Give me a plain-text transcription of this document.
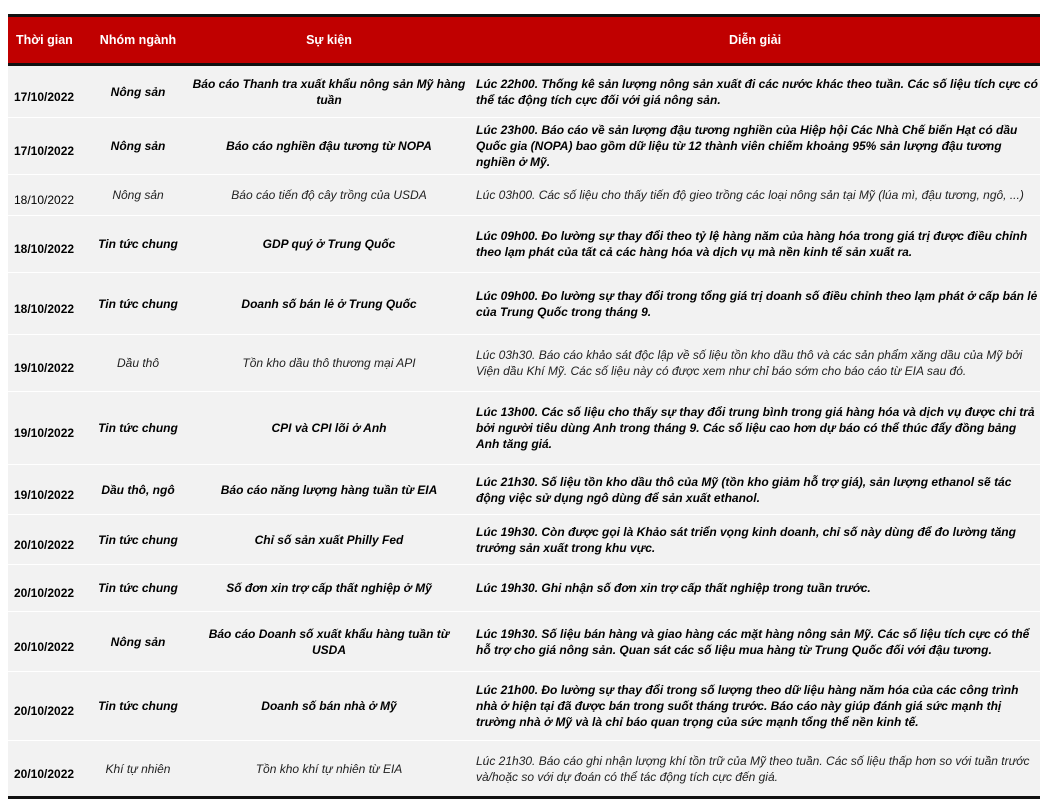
Thời gian	Nhóm ngành	Sự kiện	Diễn giải
17/10/2022	Nông sản	Báo cáo Thanh tra xuất khẩu nông sản Mỹ hàng tuần	Lúc 22h00. Thống kê sản lượng nông sản xuất đi các nước khác theo tuần. Các số liệu tích cực có thể tác động tích cực đối với giá nông sản.
17/10/2022	Nông sản	Báo cáo nghiền đậu tương từ NOPA	Lúc 23h00. Báo cáo về sản lượng đậu tương nghiền của Hiệp hội Các Nhà Chế biến Hạt có dầu Quốc gia (NOPA) bao gồm dữ liệu từ 12 thành viên chiếm khoảng 95% sản lượng đậu tương nghiền ở Mỹ.
18/10/2022	Nông sản	Báo cáo tiến độ cây trồng của USDA	Lúc 03h00. Các số liệu cho thấy tiến độ gieo trồng các loại nông sản tại Mỹ (lúa mì, đậu tương, ngô, ...)
18/10/2022	Tin tức chung	GDP quý ở Trung Quốc	Lúc 09h00. Đo lường sự thay đổi theo tỷ lệ hàng năm của hàng hóa trong giá trị được điều chỉnh theo lạm phát của tất cả các hàng hóa và dịch vụ mà nền kinh tế sản xuất ra.
18/10/2022	Tin tức chung	Doanh số bán lẻ ở Trung Quốc	Lúc 09h00. Đo lường sự thay đổi trong tổng giá trị doanh số điều chỉnh theo lạm phát ở cấp bán lẻ của Trung Quốc trong tháng 9.
19/10/2022	Dầu thô	Tồn kho dầu thô thương mại API	Lúc 03h30. Báo cáo khảo sát độc lập về số liệu tồn kho dầu thô và các sản phẩm xăng dầu của Mỹ bởi Viện dầu Khí Mỹ. Các số liệu này có được xem như chỉ báo sớm cho báo cáo từ EIA sau đó.
19/10/2022	Tin tức chung	CPI và CPI lõi ở Anh	Lúc 13h00. Các số liệu cho thấy sự thay đổi trung bình trong giá hàng hóa và dịch vụ được chi trả bởi người tiêu dùng Anh trong tháng 9. Các số liệu cao hơn dự báo có thể thúc đẩy đồng bảng Anh tăng giá.
19/10/2022	Dầu thô, ngô	Báo cáo năng lượng hàng tuần từ EIA	Lúc 21h30. Số liệu tồn kho dầu thô của Mỹ (tồn kho giảm hỗ trợ giá), sản lượng ethanol sẽ tác động việc sử dụng ngô dùng để sản xuất ethanol.
20/10/2022	Tin tức chung	Chỉ số sản xuất Philly Fed	Lúc 19h30. Còn được gọi là Khảo sát triển vọng kinh doanh, chỉ số này dùng để đo lường tăng trưởng sản xuất trong khu vực.
20/10/2022	Tin tức chung	Số đơn xin trợ cấp thất nghiệp ở Mỹ	Lúc 19h30. Ghi nhận số đơn xin trợ cấp thất nghiệp trong tuần trước.
20/10/2022	Nông sản	Báo cáo Doanh số xuất khẩu hàng tuần từ USDA	Lúc 19h30. Số liệu bán hàng và giao hàng các mặt hàng nông sản Mỹ. Các số liệu tích cực có thể hỗ trợ cho giá nông sản. Quan sát các số liệu mua hàng từ Trung Quốc đối với đậu tương.
20/10/2022	Tin tức chung	Doanh số bán nhà ở Mỹ	Lúc 21h00. Đo lường sự thay đổi trong số lượng theo dữ liệu hàng năm hóa của các công trình nhà ở hiện tại đã được bán trong suốt tháng trước. Báo cáo này giúp đánh giá sức mạnh thị trường nhà ở Mỹ và là chỉ báo quan trọng của sức mạnh tổng thể nền kinh tế.
20/10/2022	Khí tự nhiên	Tồn kho khí tự nhiên từ EIA	Lúc 21h30. Báo cáo ghi nhận lượng khí tồn trữ của Mỹ theo tuần. Các số liệu thấp hơn so với tuần trước và/hoặc so với dự đoán có thể tác động tích cực đến giá.
